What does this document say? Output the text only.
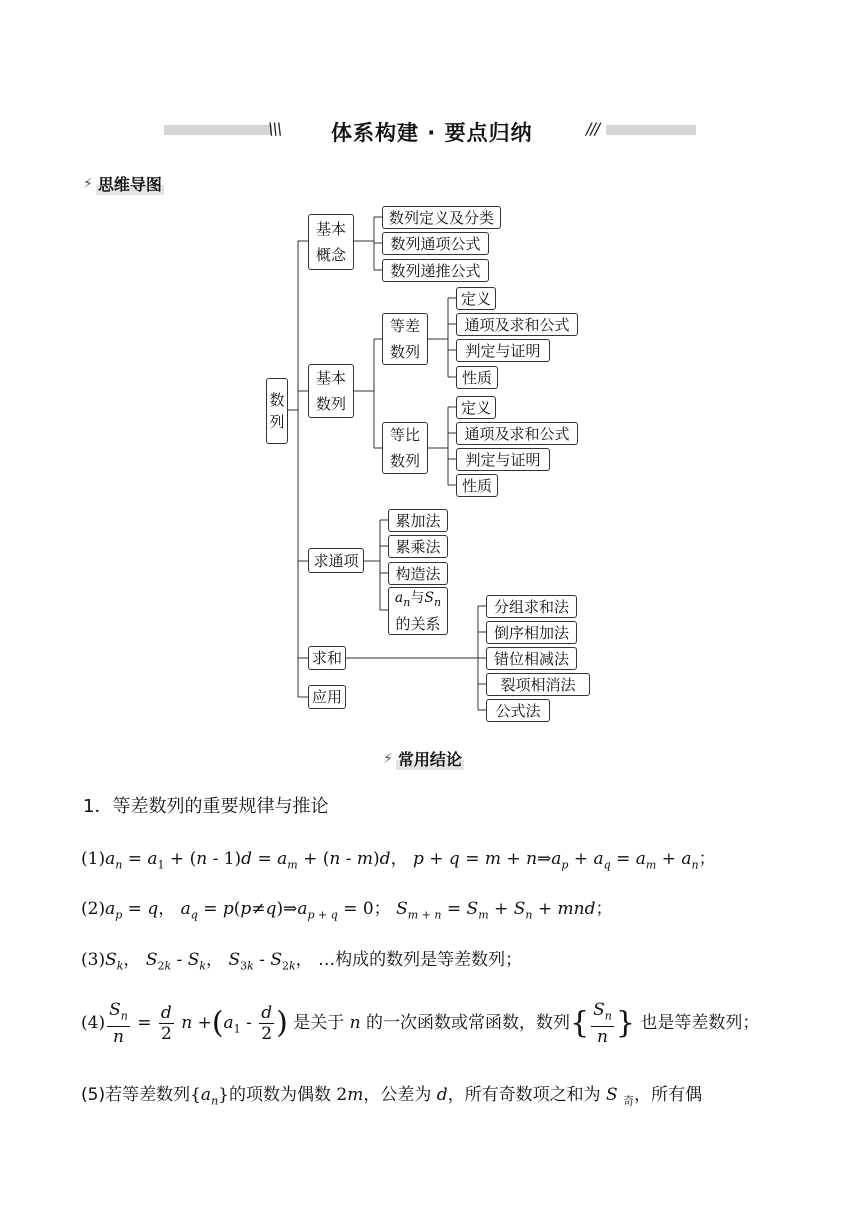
\\\ 体系构建 · 要点归纳	///
⚡ 思维导图
数
列
基本
概念
数列定义及分类
数列通项公式
数列递推公式
基本
数列
等差
数列
定义
通项及求和公式
判定与证明
性质
等比
数列
定义
通项及求和公式
判定与证明
性质
求通项
累加法
累乘法
构造法
$a_n$与$S_n$
的关系
求和
分组求和法
倒序相加法
错位相减法
裂项相消法
公式法
应用
⚡ 常用结论
1．等差数列的重要规律与推论
$(1)a_n = a_1 + (n - 1)d = a_m + (n - m)d$， $p + q = m + n\Rightarrow a_p + a_q = a_m + a_n$；
$(2)a_p = q$， $a_q$ = $p(p\ne q)\Rightarrow a_{p + q} = 0$； $S_{m + n} = S_m + S_n$ + mnd；
$(3)S_k$， $S_{2k} - S_k$， $S_{3k} - S_{2k}$， …构成的数列是等差数列；
$(4) \frac{S_n}{n} = \frac{d}{2}$ $n +(a_1 - \frac{d}{2}$ ) 是关于 n 的一次函数或常函数，数列{ $\frac{S_n}{n}$ } 也是等差数列；
(5)若等差数列$\{a_n\}$的项数为偶数 2m，公差为 d，所有奇数项之和为 S $_奇$，所有偶
